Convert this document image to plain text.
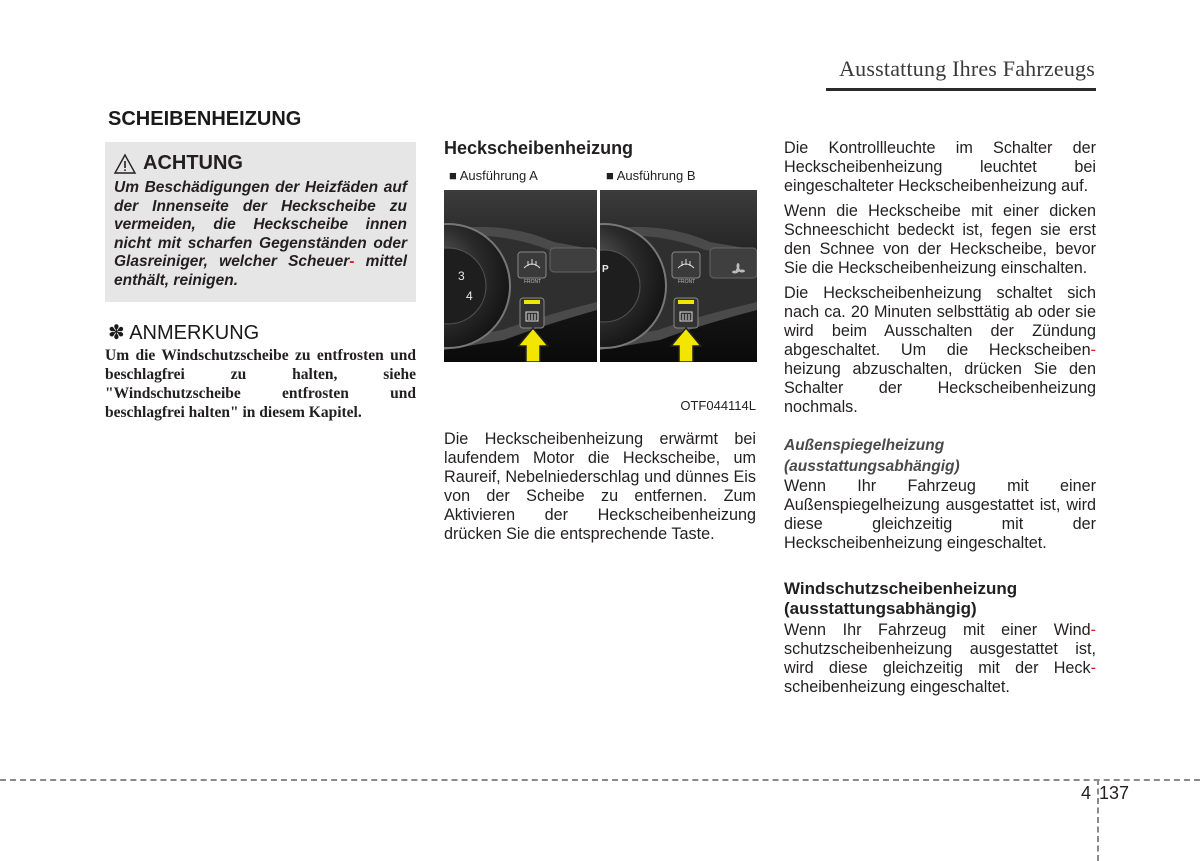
Ausstattung Ihres Fahrzeugs
SCHEIBENHEIZUNG
ACHTUNG
Um Beschädigungen der Heizfäden auf der Innenseite der Heckscheibe zu vermeiden, die Heckscheibe innen nicht mit scharfen Gegenständen oder Glasreiniger, welcher Scheuer- mittel enthält, reinigen.
✽ ANMERKUNG
Um die Windschutzscheibe zu entfrosten und beschlagfrei zu halten, siehe "Windschutzscheibe entfrosten und beschlagfrei halten" in diesem Kapitel.
Heckscheibenheizung
■ Ausführung A	■ Ausführung B
3
4
FRONT
P
FRONT
OTF044114L
Die Heckscheibenheizung erwärmt bei laufendem Motor die Heckscheibe, um Raureif, Nebelniederschlag und dünnes Eis von der Scheibe zu entfernen. Zum Aktivieren der Heckscheibenheizung drücken Sie die entsprechende Taste.

Die Kontrollleuchte im Schalter der Heckscheibenheizung leuchtet bei eingeschalteter Heckscheibenheizung auf.

Wenn die Heckscheibe mit einer dicken Schneeschicht bedeckt ist, fegen sie erst den Schnee von der Heckscheibe, bevor Sie die Heckscheibenheizung einschalten.

Die Heckscheibenheizung schaltet sich nach ca. 20 Minuten selbsttätig ab oder sie wird beim Ausschalten der Zündung abgeschaltet. Um die Heckscheiben-heizung abzuschalten, drücken Sie den Schalter der Heckscheibenheizung nochmals.

Außenspiegelheizung
(ausstattungsabhängig)

Wenn Ihr Fahrzeug mit einer Außenspiegelheizung ausgestattet ist, wird diese gleichzeitig mit der Heckscheibenheizung eingeschaltet.

Windschutzscheibenheizung
(ausstattungsabhängig)

Wenn Ihr Fahrzeug mit einer Wind-schutzscheibenheizung ausgestattet ist, wird diese gleichzeitig mit der Heck-scheibenheizung eingeschaltet.

4 137
